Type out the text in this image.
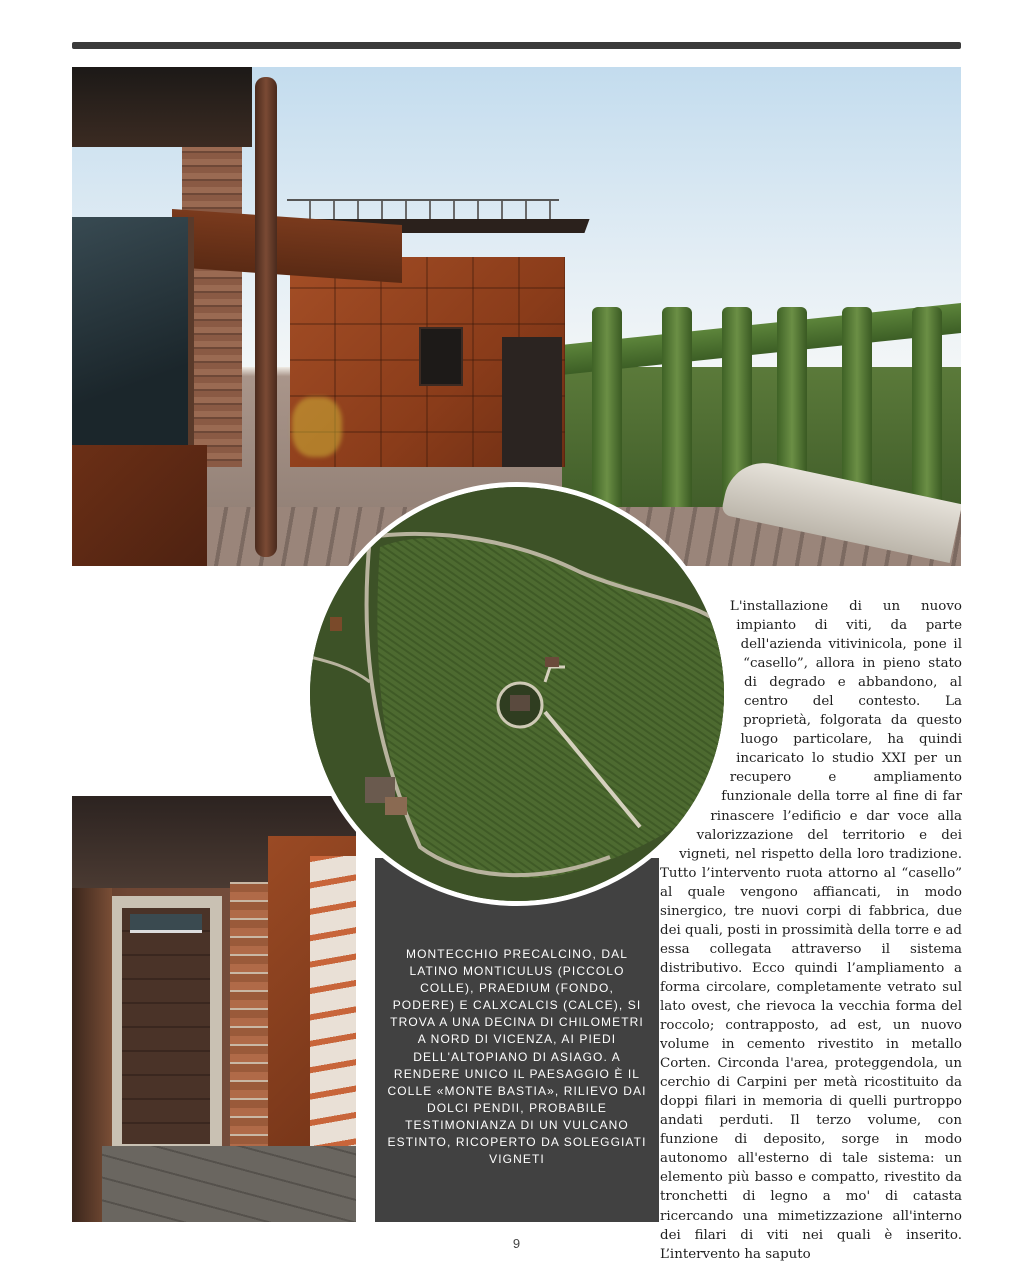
MONTECCHIO PRECALCINO, DAL LATINO MONTICULUS (PICCOLO COLLE), PRAEDIUM (FONDO, PODERE) E CALXCALCIS (CALCE), SI TROVA A UNA DECINA DI CHILOMETRI A NORD DI VICENZA, AI PIEDI DELL'ALTOPIANO DI ASIAGO. A RENDERE UNICO IL PAESAGGIO È IL COLLE «MONTE BASTIA», RILIEVO DAI DOLCI PENDII, PROBABILE TESTIMONIANZA DI UN VULCANO ESTINTO, RICOPERTO DA SOLEGGIATI VIGNETI

L'installazione di un nuovo impianto di viti, da parte dell'azienda vitivinicola, pone il “casello”, allora in pieno stato di degrado e abbandono, al centro del contesto. La proprietà, folgorata da questo luogo particolare, ha quindi incaricato lo studio XXI per un recupero e ampliamento funzionale della torre al fine di far rinascere l’edificio e dar voce alla valorizzazione del territorio e dei vigneti, nel rispetto della loro tradizione. Tutto l’intervento ruota attorno al “casello” al quale vengono affiancati, in modo sinergico, tre nuovi corpi di fabbrica, due dei quali, posti in prossimità della torre e ad essa collegata attraverso il sistema distributivo. Ecco quindi l’ampliamento a forma circolare, completamente vetrato sul lato ovest, che rievoca la vecchia forma del roccolo; contrapposto, ad est, un nuovo volume in cemento rivestito in metallo Corten. Circonda l'area, proteggendola, un cerchio di Carpini per metà ricostituito da doppi filari in memoria di quelli purtroppo andati perduti. Il terzo volume, con funzione di deposito, sorge in modo autonomo all'esterno di tale sistema: un elemento più basso e compatto, rivestito da tronchetti di legno a mo' di catasta ricercando una mimetizzazione all'interno dei filari di viti nei quali è inserito. L’intervento ha saputo

9
